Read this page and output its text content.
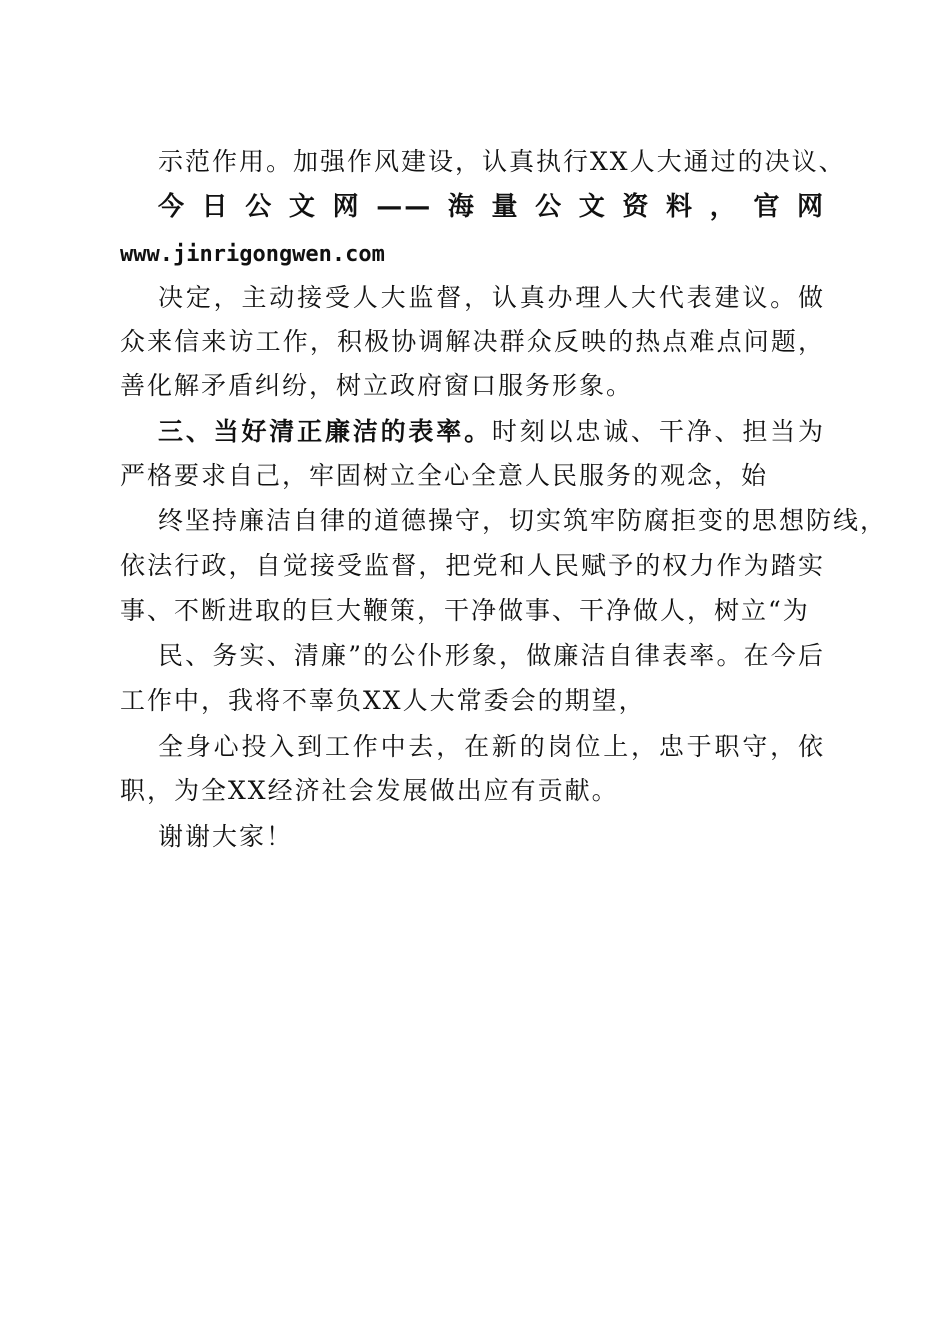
示范作用。加强作风建设，认真执行XX人大通过的决议、
今日公文网——海量公文资料，官网
www.jinrigongwen.com
决定，主动接受人大监督，认真办理人大代表建议。做
众来信来访工作，积极协调解决群众反映的热点难点问题，
善化解矛盾纠纷，树立政府窗口服务形象。
三、当好清正廉洁的表率。时刻以忠诚、干净、担当为
严格要求自己，牢固树立全心全意人民服务的观念，始
终坚持廉洁自律的道德操守，切实筑牢防腐拒变的思想防线，
依法行政，自觉接受监督，把党和人民赋予的权力作为踏实
事、不断进取的巨大鞭策，干净做事、干净做人，树立“为
民、务实、清廉”的公仆形象，做廉洁自律表率。在今后
工作中，我将不辜负XX人大常委会的期望，
全身心投入到工作中去，在新的岗位上，忠于职守，依
职，为全XX经济社会发展做出应有贡献。
谢谢大家！
